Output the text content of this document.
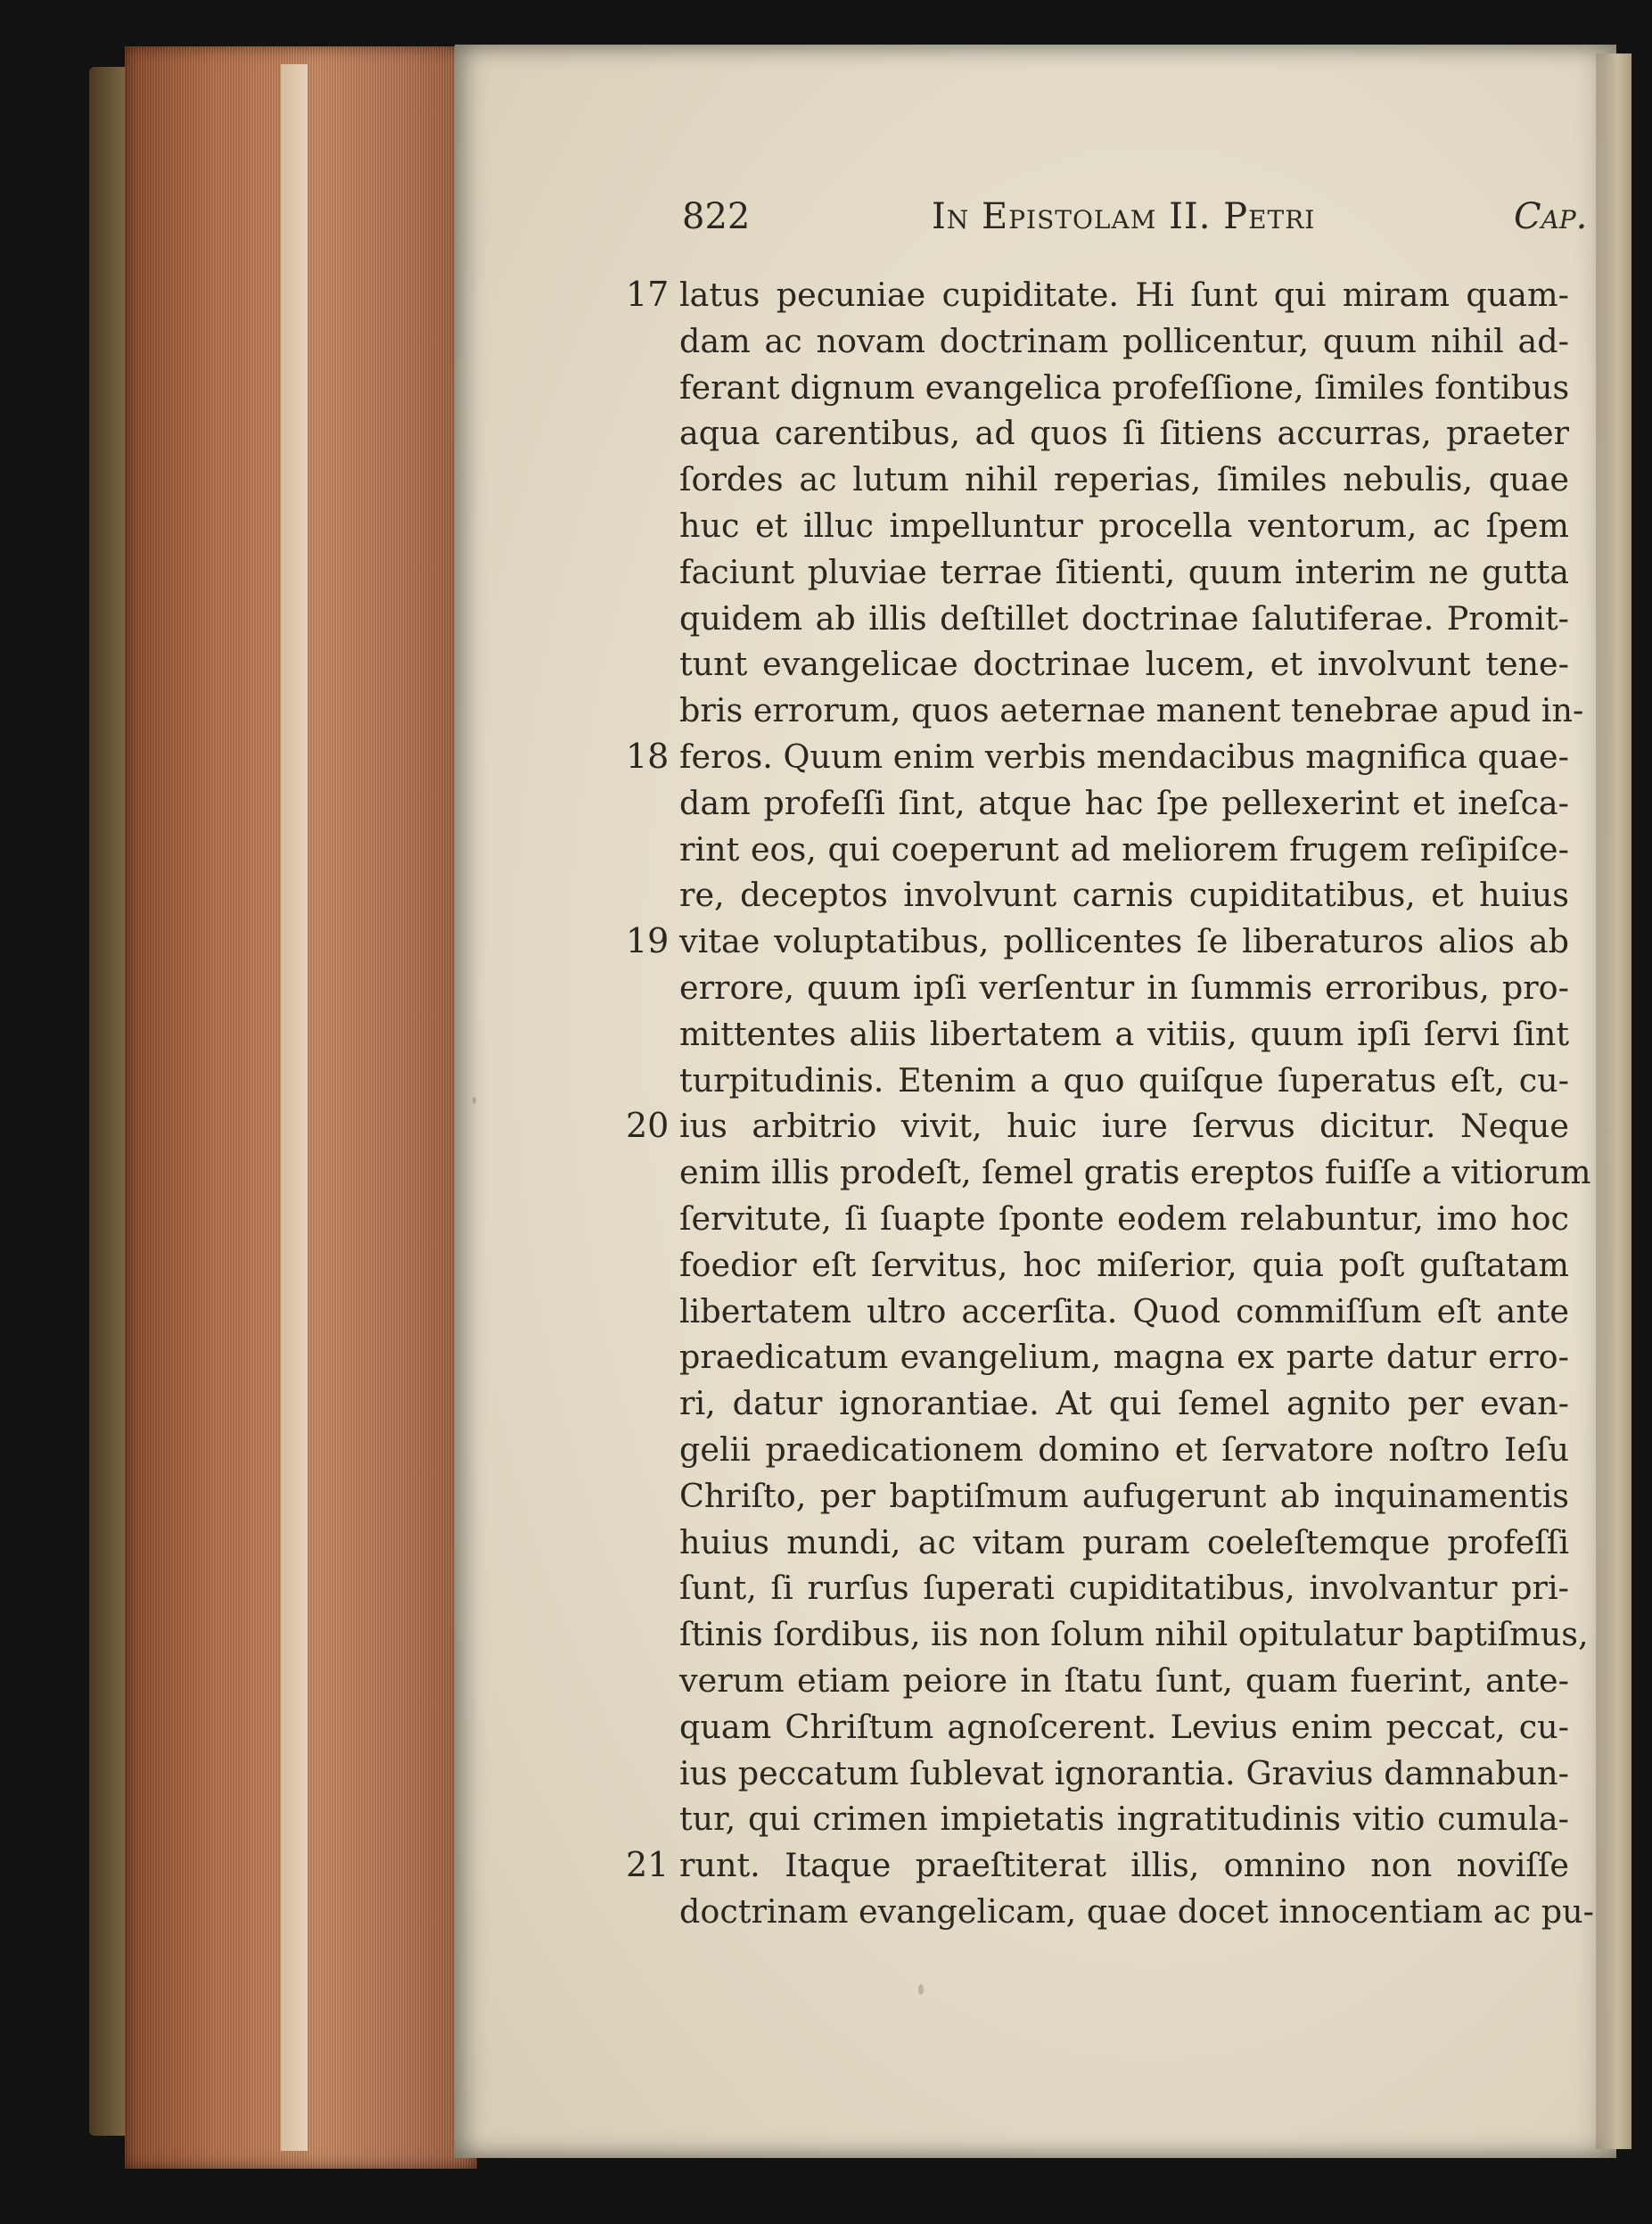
822	In Epistolam II. Petri	Cap.
17 latus pecuniae cupiditate. Hi ſunt qui miram quam-
dam ac novam doctrinam pollicentur, quum nihil ad-
ferant dignum evangelica profeſſione, ſimiles fontibus
aqua carentibus, ad quos ſi ſitiens accurras, praeter
ſordes ac lutum nihil reperias, ſimiles nebulis, quae
huc et illuc impelluntur procella ventorum, ac ſpem
faciunt pluviae terrae ſitienti, quum interim ne gutta
quidem ab illis deſtillet doctrinae ſalutiferae. Promit-
tunt evangelicae doctrinae lucem, et involvunt tene-
bris errorum, quos aeternae manent tenebrae apud in-
18 feros. Quum enim verbis mendacibus magnifica quae-
dam profeſſi ſint, atque hac ſpe pellexerint et ineſca-
rint eos, qui coeperunt ad meliorem frugem reſipiſce-
re, deceptos involvunt carnis cupiditatibus, et huius
19 vitae voluptatibus, pollicentes ſe liberaturos alios ab
errore, quum ipſi verſentur in ſummis erroribus, pro-
mittentes aliis libertatem a vitiis, quum ipſi ſervi ſint
turpitudinis. Etenim a quo quiſque ſuperatus eſt, cu-
20 ius arbitrio vivit, huic iure ſervus dicitur. Neque
enim illis prodeſt, ſemel gratis ereptos fuiſſe a vitiorum
ſervitute, ſi ſuapte ſponte eodem relabuntur, imo hoc
foedior eſt ſervitus, hoc miſerior, quia poſt guſtatam
libertatem ultro accerſita. Quod commiſſum eſt ante
praedicatum evangelium, magna ex parte datur erro-
ri, datur ignorantiae. At qui ſemel agnito per evan-
gelii praedicationem domino et ſervatore noſtro Ieſu
Chriſto, per baptiſmum aufugerunt ab inquinamentis
huius mundi, ac vitam puram coeleſtemque profeſſi
ſunt, ſi rurſus ſuperati cupiditatibus, involvantur pri-
ſtinis ſordibus, iis non ſolum nihil opitulatur baptiſmus,
verum etiam peiore in ſtatu ſunt, quam fuerint, ante-
quam Chriſtum agnoſcerent. Levius enim peccat, cu-
ius peccatum ſublevat ignorantia. Gravius damnabun-
tur, qui crimen impietatis ingratitudinis vitio cumula-
21 runt. Itaque praeſtiterat illis, omnino non noviſſe
doctrinam evangelicam, quae docet innocentiam ac pu-
